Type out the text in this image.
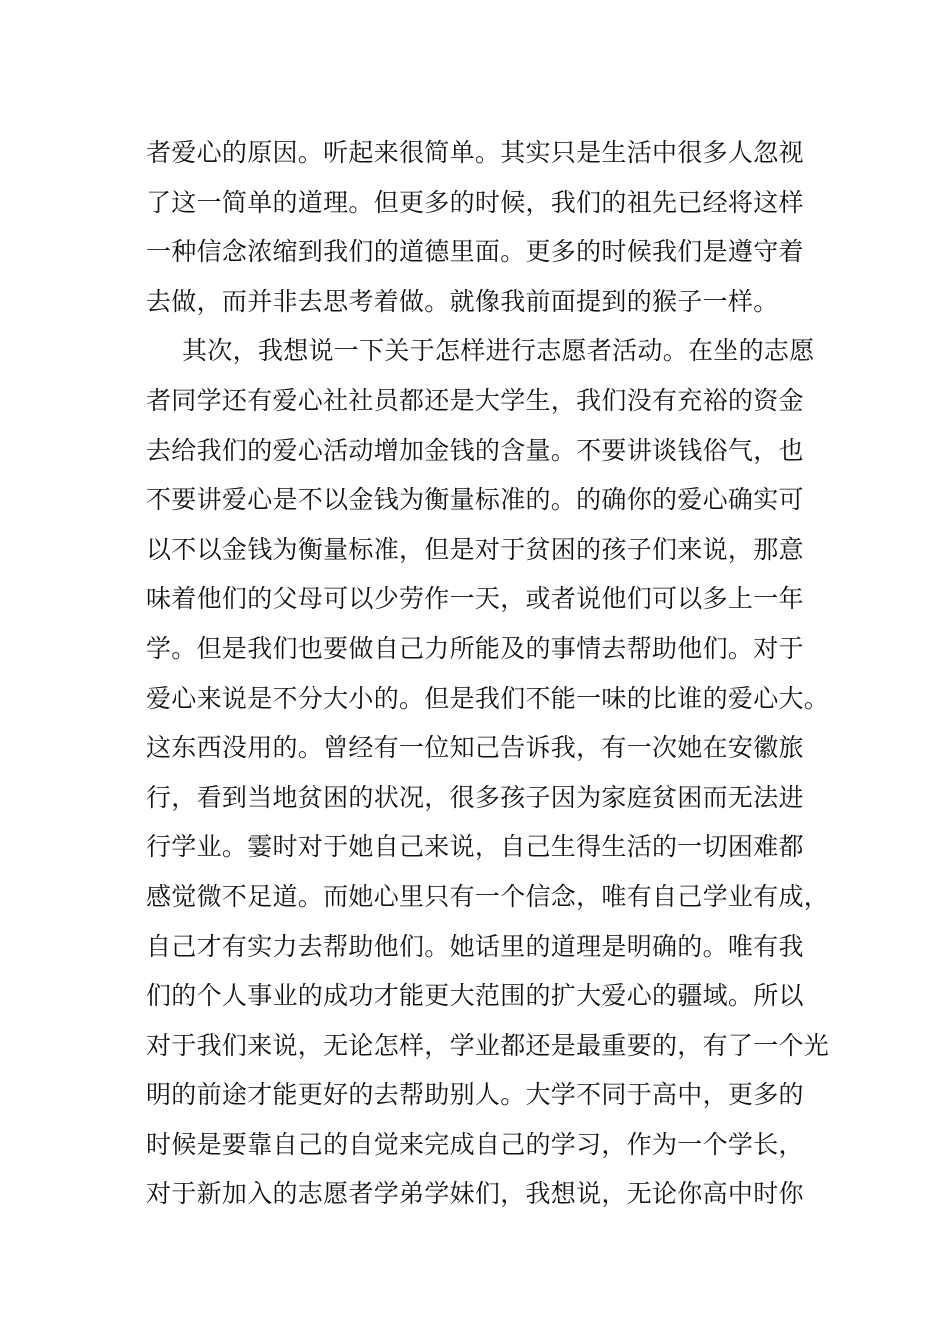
者爱心的原因。听起来很简单。其实只是生活中很多人忽视
了这一简单的道理。但更多的时候，我们的祖先已经将这样
一种信念浓缩到我们的道德里面。更多的时候我们是遵守着
去做，而并非去思考着做。就像我前面提到的猴子一样。
其次，我想说一下关于怎样进行志愿者活动。在坐的志愿
者同学还有爱心社社员都还是大学生，我们没有充裕的资金
去给我们的爱心活动增加金钱的含量。不要讲谈钱俗气，也
不要讲爱心是不以金钱为衡量标准的。的确你的爱心确实可
以不以金钱为衡量标准，但是对于贫困的孩子们来说，那意
味着他们的父母可以少劳作一天，或者说他们可以多上一年
学。但是我们也要做自己力所能及的事情去帮助他们。对于
爱心来说是不分大小的。但是我们不能一味的比谁的爱心大。
这东西没用的。曾经有一位知己告诉我，有一次她在安徽旅
行，看到当地贫困的状况，很多孩子因为家庭贫困而无法进
行学业。霎时对于她自己来说，自己生得生活的一切困难都
感觉微不足道。而她心里只有一个信念，唯有自己学业有成，
自己才有实力去帮助他们。她话里的道理是明确的。唯有我
们的个人事业的成功才能更大范围的扩大爱心的疆域。所以
对于我们来说，无论怎样，学业都还是最重要的，有了一个光
明的前途才能更好的去帮助别人。大学不同于高中，更多的
时候是要靠自己的自觉来完成自己的学习，作为一个学长，
对于新加入的志愿者学弟学妹们，我想说，无论你高中时你
